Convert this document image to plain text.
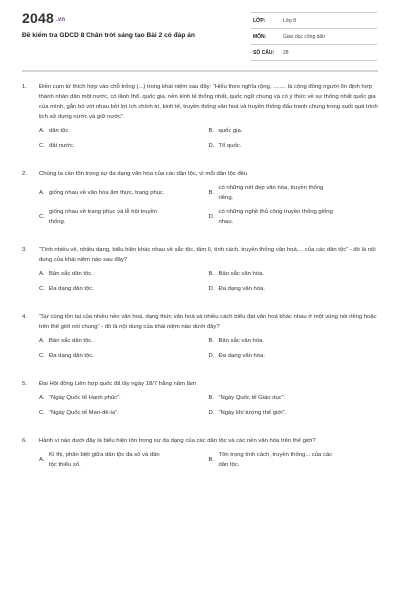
2048 .vn
Đề kiểm tra GDCD 8 Chân trời sáng tạo Bài 2 có đáp án
LỚP:	Lớp 8
MÔN:	Giáo dục công dân
SỐ CÂU:	28
1.	Điền cụm từ thích hợp vào chỗ trống (...) trong khái niệm sau đây: “Hiểu theo nghĩa rộng, ........ là cộng đồng người ổn định hợp thành nhân dân một nước, có lãnh thổ, quốc gia, nền kinh tế thống nhất, quốc ngữ chung và có ý thức về sự thống nhất quốc gia của mình, gắn bó với nhau bởi lợi ích chính trị, kinh tế, truyền thống văn hoá và truyền thống đấu tranh chung trong suốt quá trình lịch sử dựng nước và giữ nước”.
A. dân tộc.	B. quốc gia.
C. đất nước.	D. Tổ quốc.
2.	Chúng ta cần tôn trọng sự đa dạng văn hóa của các dân tộc, vì mỗi dân tộc đều
A. giống nhau về văn hóa ẩm thực, trang phục.	B.
có những nét đẹp văn hóa, truyền thống riêng.
C.
giống nhau về trang phục và lễ hội truyền thống.
D.
có những nghề thủ công truyền thống giống nhau.
3.	“Tính nhiều vẻ, nhiều dạng, biểu hiện khác nhau về sắc tộc, tâm lí, tính cách, truyền thống văn hoá,... của các dân tộc” - đó là nội dung của khái niệm nào sau đây?
A. Bản sắc dân tộc.	B. Bản sắc văn hóa.
C. Đa dạng dân tộc.	D. Đa dạng văn hóa.
4.	“Sự cùng tồn tại của nhiều nền văn hoá, dạng thức văn hoá và nhiều cách biểu đạt văn hoá khác nhau ở một vùng nói riêng hoặc trên thế giới nói chung” - đó là nội dung của khái niệm nào dưới đây?
A. Bản sắc dân tộc.	B. Bản sắc văn hóa.
C. Đa dạng dân tộc.	D. Đa dạng văn hóa.
5.	Đại Hội đồng Liên hợp quốc đã lấy ngày 18/7 hằng năm làm
A. “Ngày Quốc tế Hạnh phúc”.	B. “Ngày Quốc tế Giáo dục”.
C. “Ngày Quốc tế Man-đê-la”.	D. “Ngày khí tượng thế giới”.
6.	Hành vi nào dưới đây là biểu hiện tôn trọng sự đa dạng của các dân tộc và các nền văn hóa trên thế giới?
A.
Kì thị, phân biệt giữa dân tộc đa số và dân tộc thiểu số.
B.
Tôn trọng tính cách, truyền thống... của các dân tộc.
